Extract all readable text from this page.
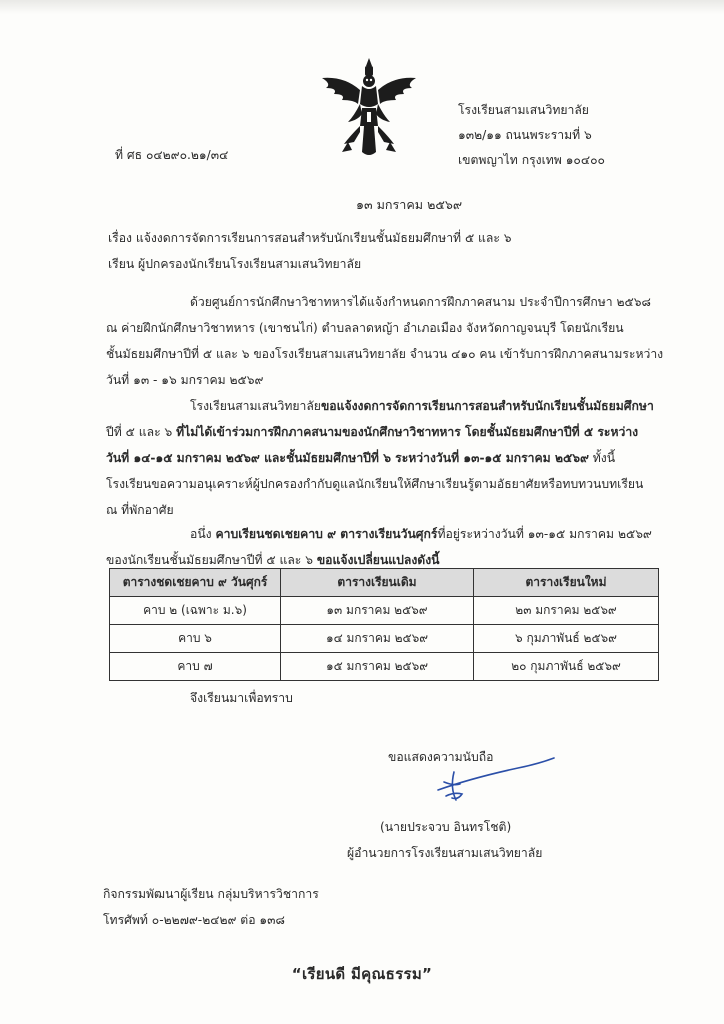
ที่ ศธ ๐๔๒๙๐.๒๑/๓๔
โรงเรียนสามเสนวิทยาลัย
๑๓๒/๑๑ ถนนพระรามที่ ๖
เขตพญาไท กรุงเทพ ๑๐๔๐๐
๑๓ มกราคม ๒๕๖๙
เรื่อง แจ้งงดการจัดการเรียนการสอนสำหรับนักเรียนชั้นมัธยมศึกษาที่ ๕ และ ๖
เรียน ผู้ปกครองนักเรียนโรงเรียนสามเสนวิทยาลัย
ด้วยศูนย์การนักศึกษาวิชาทหารได้แจ้งกำหนดการฝึกภาคสนาม ประจำปีการศึกษา ๒๕๖๘
ณ ค่ายฝึกนักศึกษาวิชาทหาร (เขาชนไก่) ตำบลลาดหญ้า อำเภอเมือง จังหวัดกาญจนบุรี โดยนักเรียน
ชั้นมัธยมศึกษาปีที่ ๕ และ ๖ ของโรงเรียนสามเสนวิทยาลัย จำนวน ๔๑๐ คน เข้ารับการฝึกภาคสนามระหว่าง
วันที่ ๑๓ - ๑๖ มกราคม ๒๕๖๙
โรงเรียนสามเสนวิทยาลัยขอแจ้งงดการจัดการเรียนการสอนสำหรับนักเรียนชั้นมัธยมศึกษา
ปีที่ ๕ และ ๖ ที่ไม่ได้เข้าร่วมการฝึกภาคสนามของนักศึกษาวิชาทหาร โดยชั้นมัธยมศึกษาปีที่ ๕ ระหว่าง
วันที่ ๑๔-๑๕ มกราคม ๒๕๖๙ และชั้นมัธยมศึกษาปีที่ ๖ ระหว่างวันที่ ๑๓-๑๕ มกราคม ๒๕๖๙ ทั้งนี้
โรงเรียนขอความอนุเคราะห์ผู้ปกครองกำกับดูแลนักเรียนให้ศึกษาเรียนรู้ตามอัธยาศัยหรือทบทวนบทเรียน
ณ ที่พักอาศัย
อนึ่ง คาบเรียนชดเชยคาบ ๙ ตารางเรียนวันศุกร์ที่อยู่ระหว่างวันที่ ๑๓-๑๕ มกราคม ๒๕๖๙
ของนักเรียนชั้นมัธยมศึกษาปีที่ ๕ และ ๖ ขอแจ้งเปลี่ยนแปลงดังนี้
ตารางชดเชยคาบ ๙ วันศุกร์	ตารางเรียนเดิม	ตารางเรียนใหม่
คาบ ๒ (เฉพาะ ม.๖)	๑๓ มกราคม ๒๕๖๙	๒๓ มกราคม ๒๕๖๙
คาบ ๖	๑๔ มกราคม ๒๕๖๙	๖ กุมภาพันธ์ ๒๕๖๙
คาบ ๗	๑๕ มกราคม ๒๕๖๙	๒๐ กุมภาพันธ์ ๒๕๖๙
จึงเรียนมาเพื่อทราบ
ขอแสดงความนับถือ
(นายประจวบ อินทรโชติ)
ผู้อำนวยการโรงเรียนสามเสนวิทยาลัย
กิจกรรมพัฒนาผู้เรียน กลุ่มบริหารวิชาการ
โทรศัพท์ ๐-๒๒๗๙-๒๔๒๙ ต่อ ๑๓๘
“เรียนดี มีคุณธรรม”
